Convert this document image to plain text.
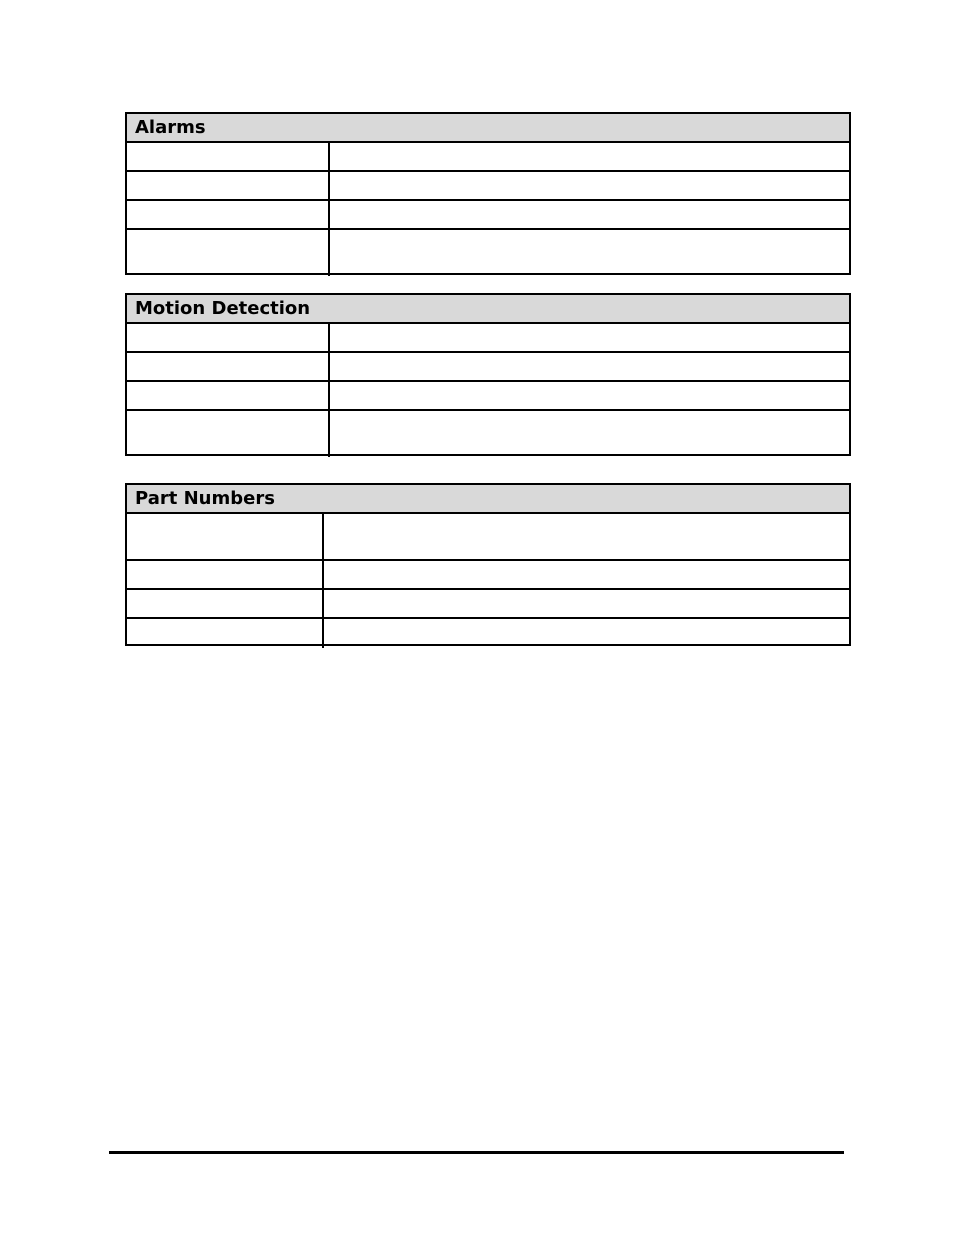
Alarms
Motion Detection
Part Numbers
